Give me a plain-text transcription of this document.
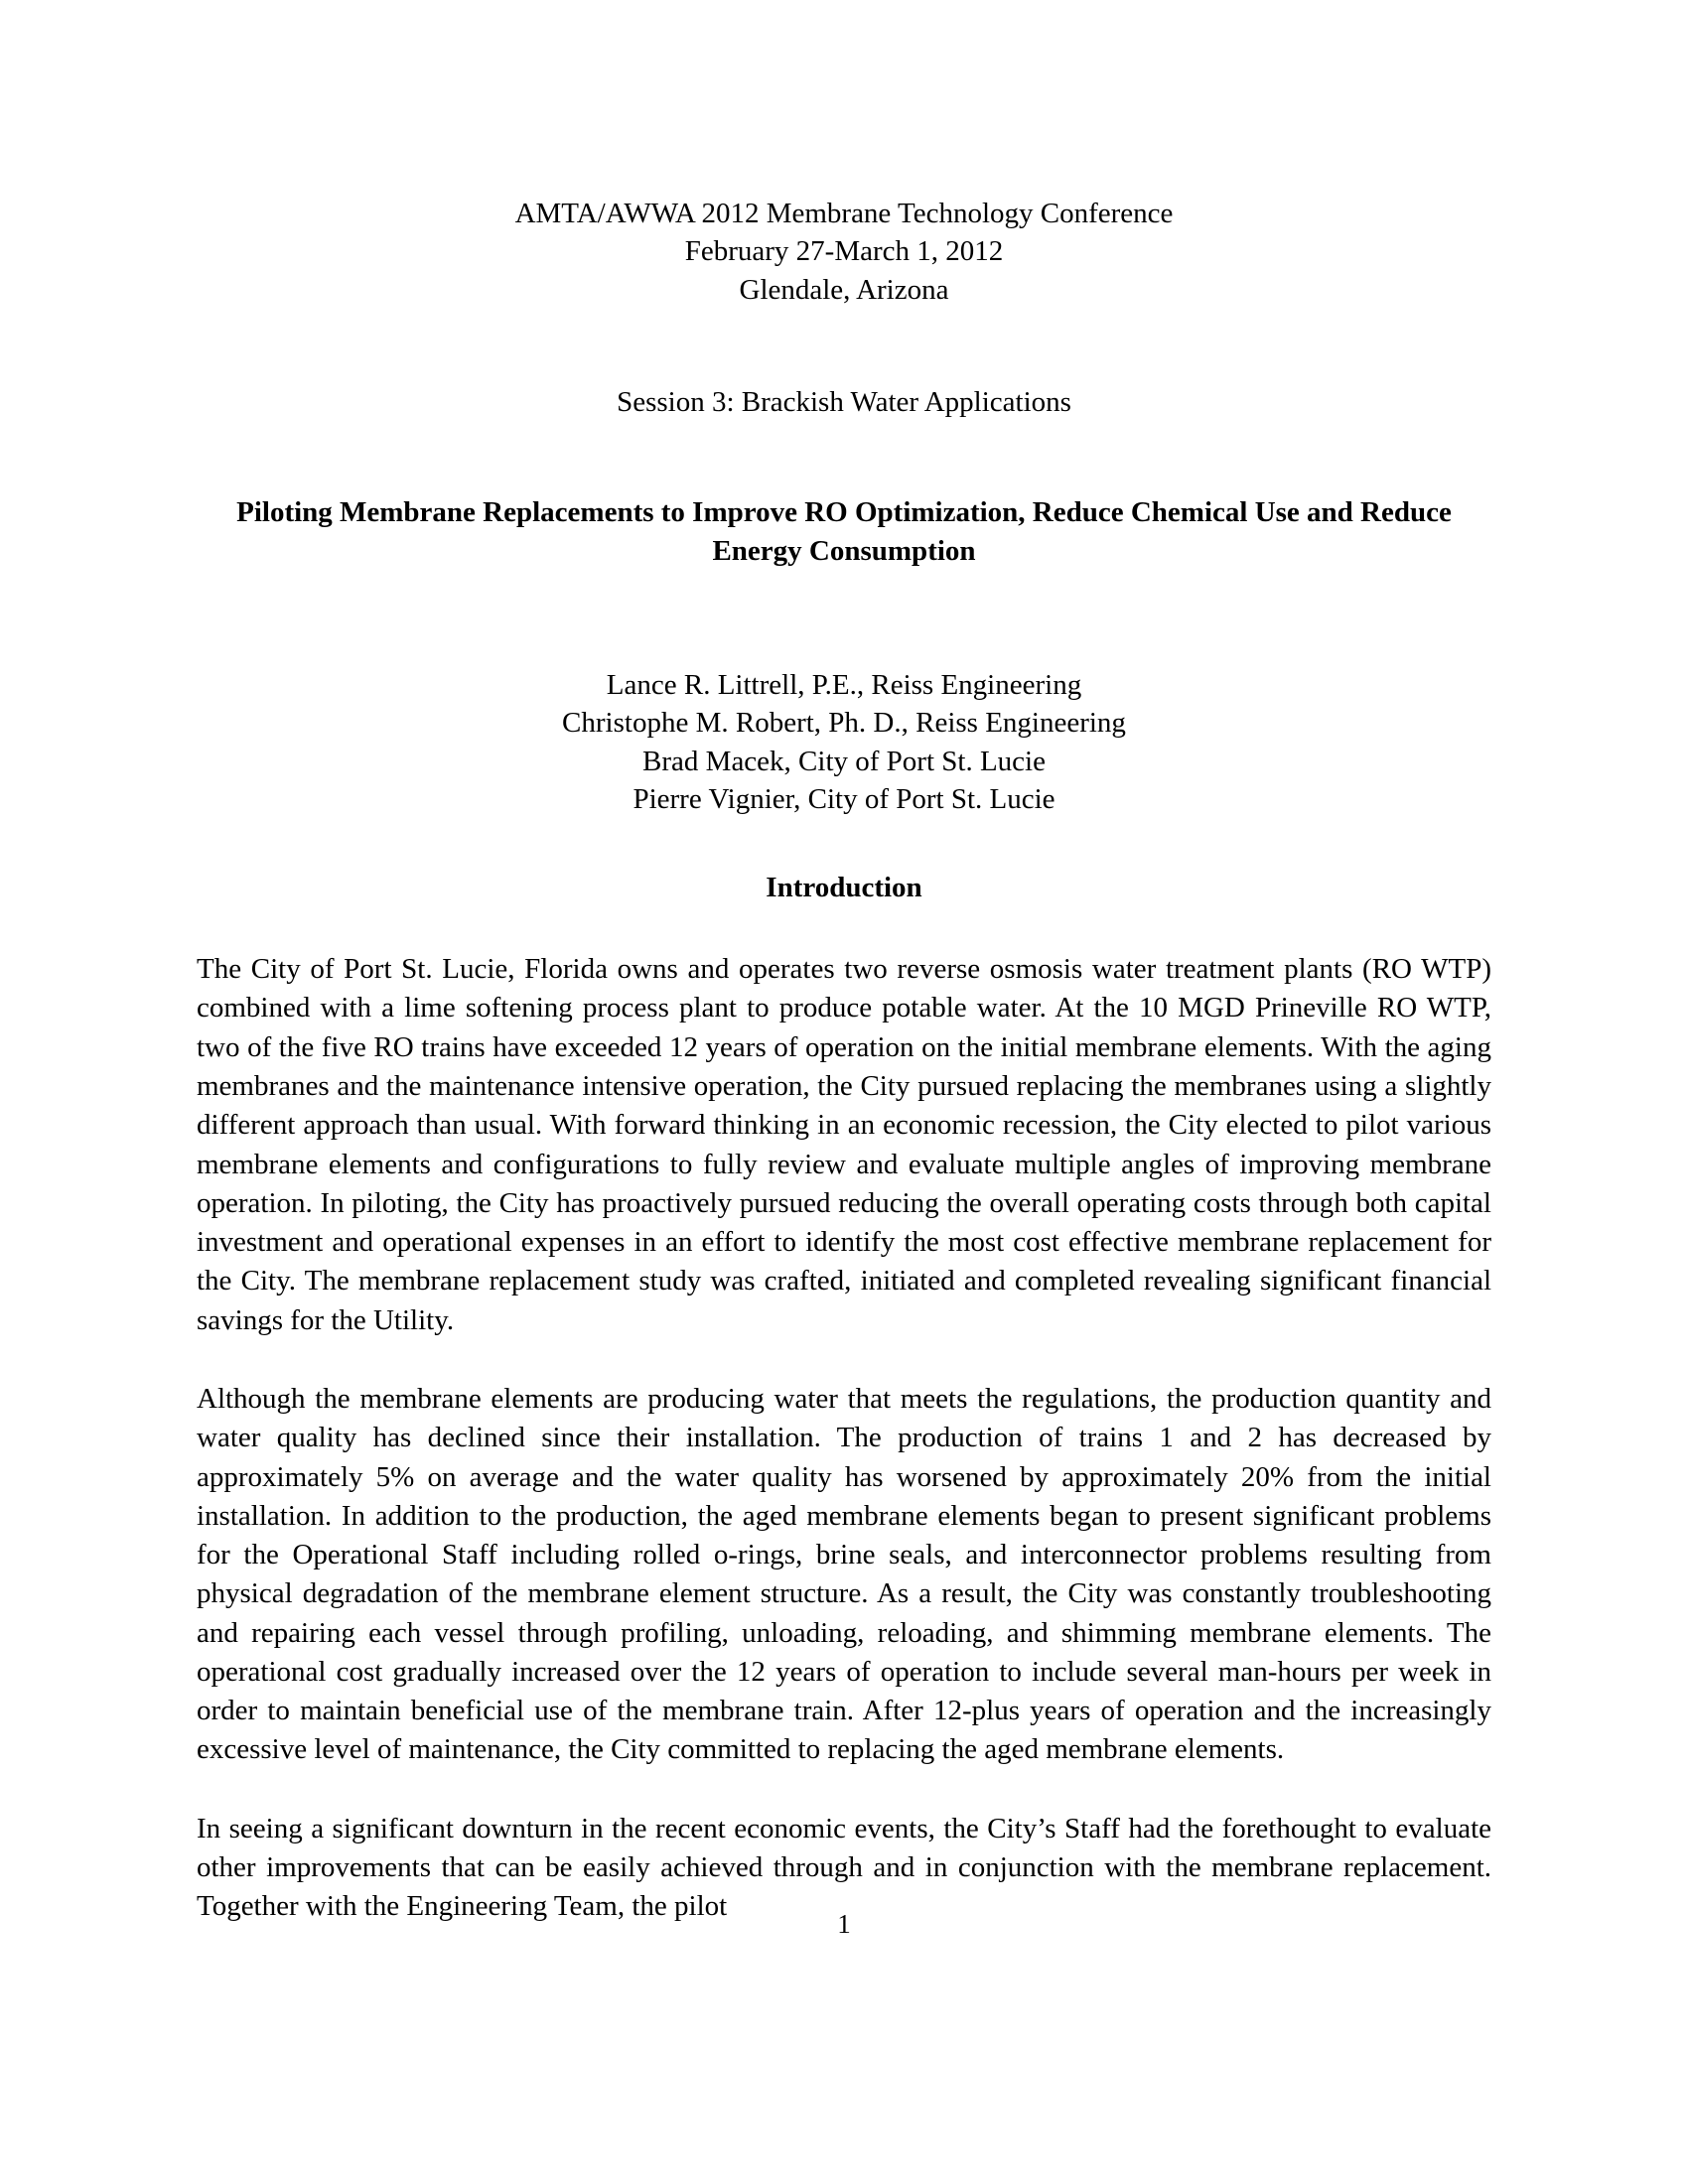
AMTA/AWWA 2012 Membrane Technology Conference
February 27-March 1, 2012
Glendale, Arizona
Session 3: Brackish Water Applications
Piloting Membrane Replacements to Improve RO Optimization, Reduce Chemical Use and Reduce Energy Consumption
Lance R. Littrell, P.E., Reiss Engineering
Christophe M. Robert, Ph. D., Reiss Engineering
Brad Macek, City of Port St. Lucie
Pierre Vignier, City of Port St. Lucie
Introduction

The City of Port St. Lucie, Florida owns and operates two reverse osmosis water treatment plants (RO WTP) combined with a lime softening process plant to produce potable water. At the 10 MGD Prineville RO WTP, two of the five RO trains have exceeded 12 years of operation on the initial membrane elements. With the aging membranes and the maintenance intensive operation, the City pursued replacing the membranes using a slightly different approach than usual. With forward thinking in an economic recession, the City elected to pilot various membrane elements and configurations to fully review and evaluate multiple angles of improving membrane operation. In piloting, the City has proactively pursued reducing the overall operating costs through both capital investment and operational expenses in an effort to identify the most cost effective membrane replacement for the City. The membrane replacement study was crafted, initiated and completed revealing significant financial savings for the Utility.

Although the membrane elements are producing water that meets the regulations, the production quantity and water quality has declined since their installation. The production of trains 1 and 2 has decreased by approximately 5% on average and the water quality has worsened by approximately 20% from the initial installation. In addition to the production, the aged membrane elements began to present significant problems for the Operational Staff including rolled o-rings, brine seals, and interconnector problems resulting from physical degradation of the membrane element structure. As a result, the City was constantly troubleshooting and repairing each vessel through profiling, unloading, reloading, and shimming membrane elements. The operational cost gradually increased over the 12 years of operation to include several man-hours per week in order to maintain beneficial use of the membrane train. After 12-plus years of operation and the increasingly excessive level of maintenance, the City committed to replacing the aged membrane elements.

In seeing a significant downturn in the recent economic events, the City’s Staff had the forethought to evaluate other improvements that can be easily achieved through and in conjunction with the membrane replacement. Together with the Engineering Team, the pilot

1
